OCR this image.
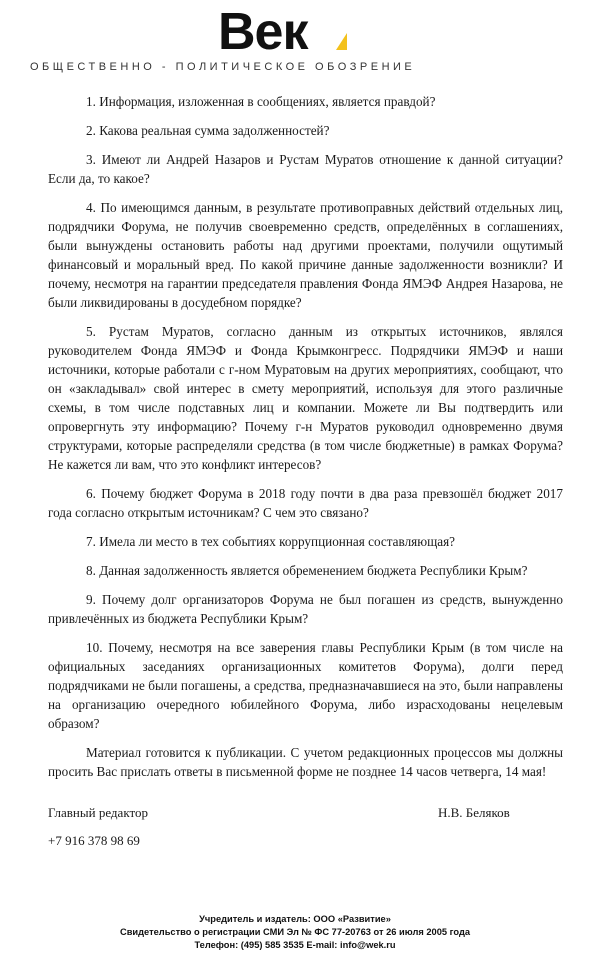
Век
ОБЩЕСТВЕННО - ПОЛИТИЧЕСКОЕ ОБОЗРЕНИЕ

1. Информация, изложенная в сообщениях, является правдой?

2. Какова реальная сумма задолженностей?

3. Имеют ли Андрей Назаров и Рустам Муратов отношение к данной ситуации? Если да, то какое?

4. По имеющимся данным, в результате противоправных действий отдельных лиц, подрядчики Форума, не получив своевременно средств, определённых в соглашениях, были вынуждены остановить работы над другими проектами, получили ощутимый финансовый и моральный вред. По какой причине данные задолженности возникли? И почему, несмотря на гарантии председателя правления Фонда ЯМЭФ Андрея Назарова, не были ликвидированы в досудебном порядке?

5. Рустам Муратов, согласно данным из открытых источников, являлся руководителем Фонда ЯМЭФ и Фонда Крымконгресс. Подрядчики ЯМЭФ и наши источники, которые работали с г-ном Муратовым на других мероприятиях, сообщают, что он «закладывал» свой интерес в смету мероприятий, используя для этого различные схемы, в том числе подставных лиц и компании. Можете ли Вы подтвердить или опровергнуть эту информацию? Почему г-н Муратов руководил одновременно двумя структурами, которые распределяли средства (в том числе бюджетные) в рамках Форума? Не кажется ли вам, что это конфликт интересов?

6. Почему бюджет Форума в 2018 году почти в два раза превзошёл бюджет 2017 года согласно открытым источникам? С чем это связано?

7. Имела ли место в тех событиях коррупционная составляющая?

8. Данная задолженность является обременением бюджета Республики Крым?

9. Почему долг организаторов Форума не был погашен из средств, вынужденно привлечённых из бюджета Республики Крым?

10. Почему, несмотря на все заверения главы Республики Крым (в том числе на официальных заседаниях организационных комитетов Форума), долги перед подрядчиками не были погашены, а средства, предназначавшиеся на это, были направлены на организацию очередного юбилейного Форума, либо израсходованы нецелевым образом?

Материал готовится к публикации. С учетом редакционных процессов мы должны просить Вас прислать ответы в письменной форме не позднее 14 часов четверга, 14 мая!

Главный редактор	Н.В. Беляков
+7 916 378 98 69
Учредитель и издатель: ООО «Развитие»
Свидетельство о регистрации СМИ Эл № ФС 77-20763 от 26 июля 2005 года
Телефон: (495) 585 3535 E-mail: info@wek.ru
